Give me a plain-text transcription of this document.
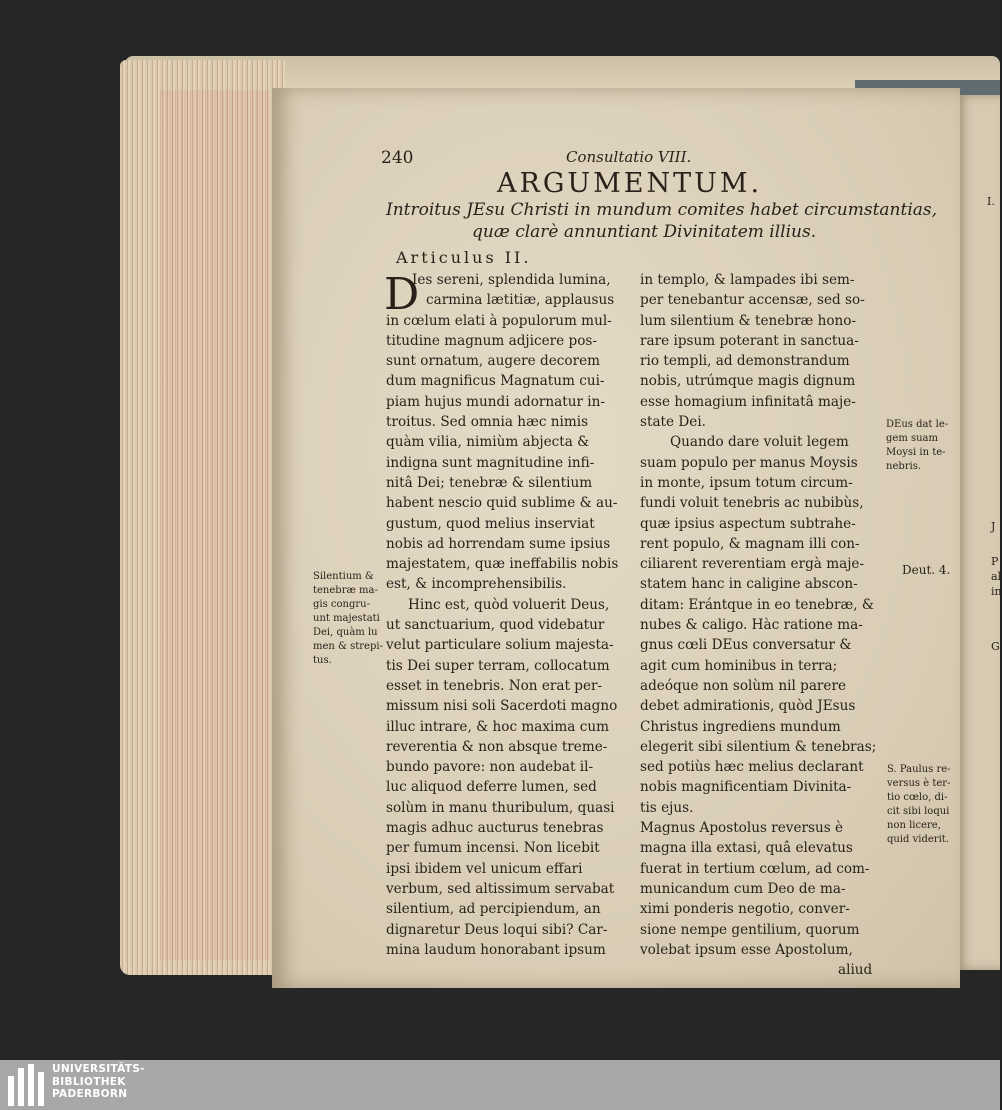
I.
J
P
al
in
G
240	Consultatio VIII.
ARGUMENTUM.
Introitus JEsu Christi in mundum comites habet circumstantias,
quæ clarè annuntiant Divinitatem illius.
Articulus II.
D
Ies sereni, splendida lumina,
carmina lætitiæ, applausus
in cœlum elati à populorum mul-
titudine magnum adjicere pos-
sunt ornatum, augere decorem
dum magnificus Magnatum cui-
piam hujus mundi adornatur in-
troitus. Sed omnia hæc nimis
quàm vilia, nimiùm abjecta &
indigna sunt magnitudine infi-
nitâ Dei; tenebræ & silentium
habent nescio quid sublime & au-
gustum, quod melius inserviat
nobis ad horrendam sume ipsius
majestatem, quæ ineffabilis nobis
est, & incomprehensibilis.
Hinc est, quòd voluerit Deus,
ut sanctuarium, quod videbatur
velut particulare solium majesta-
tis Dei super terram, collocatum
esset in tenebris. Non erat per-
missum nisi soli Sacerdoti magno
illuc intrare, & hoc maxima cum
reverentia & non absque treme-
bundo pavore: non audebat il-
luc aliquod deferre lumen, sed
solùm in manu thuribulum, quasi
magis adhuc aucturus tenebras
per fumum incensi. Non licebit
ipsi ibidem vel unicum effari
verbum, sed altissimum servabat
silentium, ad percipiendum, an
dignaretur Deus loqui sibi? Car-
mina laudum honorabant ipsum
in templo, & lampades ibi sem-
per tenebantur accensæ, sed so-
lum silentium & tenebræ hono-
rare ipsum poterant in sanctua-
rio templi, ad demonstrandum
nobis, utrúmque magis dignum
esse homagium infinitatâ maje-
state Dei.
Quando dare voluit legem
suam populo per manus Moysis
in monte, ipsum totum circum-
fundi voluit tenebris ac nubibùs,
quæ ipsius aspectum subtrahe-
rent populo, & magnam illi con-
ciliarent reverentiam ergà maje-
statem hanc in caligine abscon-
ditam: Erántque in eo tenebræ, &
nubes & caligo. Hàc ratione ma-
gnus cœli DEus conversatur &
agit cum hominibus in terra;
adeóque non solùm nil parere
debet admirationis, quòd JEsus
Christus ingrediens mundum
elegerit sibi silentium & tenebras;
sed potiùs hæc melius declarant
nobis magnificentiam Divinita-
tis ejus.
Magnus Apostolus reversus è
magna illa extasi, quâ elevatus
fuerat in tertium cœlum, ad com-
municandum cum Deo de ma-
ximi ponderis negotio, conver-
sione nempe gentilium, quorum
volebat ipsum esse Apostolum,
aliud
Silentium &
tenebræ ma-
gis congru-
unt majestati
Dei, quàm lu
men & strepi-
tus.
DEus dat le-
gem suam
Moysi in te-
nebris.
Deut. 4.
S. Paulus re-
versus è ter-
tio cœlo, di-
cit sibi loqui
non licere,
quid viderit.
UNIVERSITÄTS-
BIBLIOTHEK
PADERBORN
